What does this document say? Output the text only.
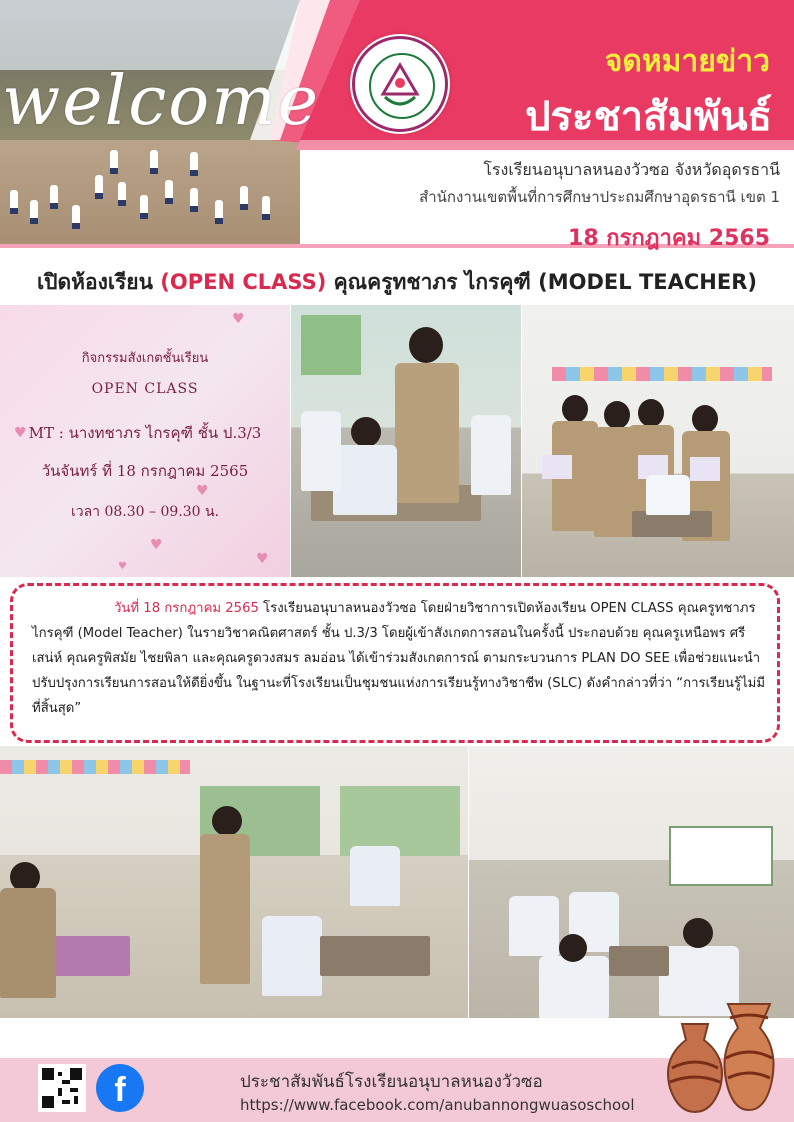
welcome
จดหมายข่าว
ประชาสัมพันธ์
โรงเรียนอนุบาลหนองวัวซอ จังหวัดอุดรธานี
สำนักงานเขตพื้นที่การศึกษาประถมศึกษาอุดรธานี เขต 1
18 กรกฎาคม 2565
เปิดห้องเรียน (OPEN CLASS) คุณครูทชาภร ไกรคุฑี (MODEL TEACHER)
กิจกรรมสังเกตชั้นเรียน
OPEN CLASS
MT : นางทชาภร ไกรคุฑี ชั้น ป.3/3
วันจันทร์ ที่ 18 กรกฎาคม 2565
เวลา 08.30 – 09.30 น.
♥
♥
♥
♥
♥
♥
วันที่ 18 กรกฎาคม 2565 โรงเรียนอนุบาลหนองวัวซอ โดยฝ่ายวิชาการเปิดห้องเรียน OPEN CLASS คุณครูทชาภร ไกรคุฑี (Model Teacher) ในรายวิชาคณิตศาสตร์ ชั้น ป.3/3 โดยผู้เข้าสังเกตการสอนในครั้งนี้ ประกอบด้วย คุณครูเหนือพร ศรีเสน่ห์ คุณครูพิสมัย ไชยพิลา และคุณครูดวงสมร ลมอ่อน ได้เข้าร่วมสังเกตการณ์ ตามกระบวนการ PLAN DO SEE เพื่อช่วยแนะนำปรับปรุงการเรียนการสอนให้ดียิ่งขึ้น ในฐานะที่โรงเรียนเป็นชุมชนแห่งการเรียนรู้ทางวิชาชีพ (SLC) ดังคำกล่าวที่ว่า “การเรียนรู้ไม่มีที่สิ้นสุด”
f	ประชาสัมพันธ์โรงเรียนอนุบาลหนองวัวซอ
https://www.facebook.com/anubannongwuasoschool
